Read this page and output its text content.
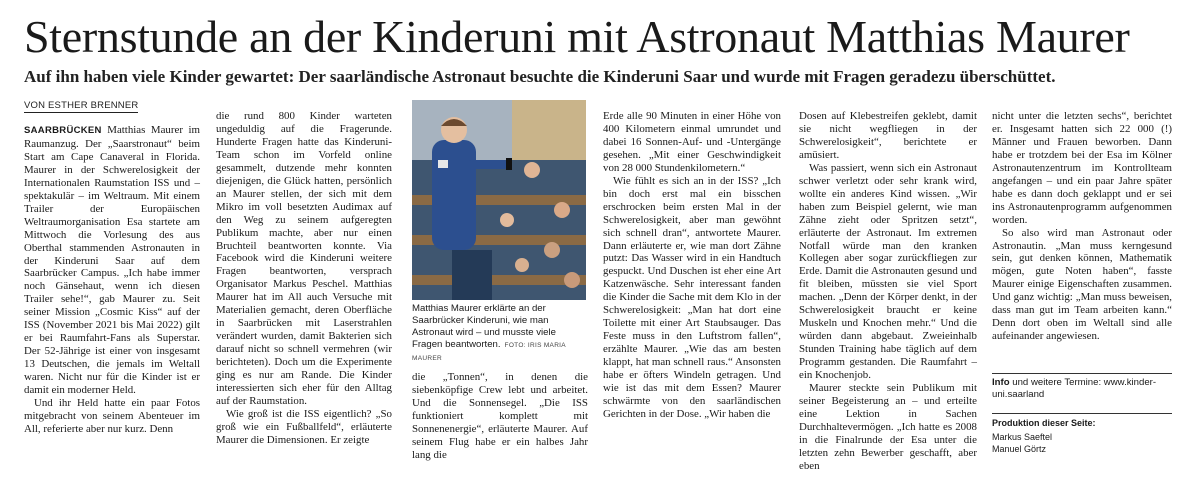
Sternstunde an der Kinderuni mit Astronaut Matthias Maurer
Auf ihn haben viele Kinder gewartet: Der saarländische Astronaut besuchte die Kinderuni Saar und wurde mit Fragen geradezu überschüttet.
VON ESTHER BRENNER

SAARBRÜCKEN Matthias Maurer im Raumanzug. Der „Saarstronaut“ beim Start am Cape Canaveral in Florida. Maurer in der Schwerelosigkeit der Internationalen Raumstation ISS und – spektakulär – im Weltraum. Mit einem Trailer der Europäischen Weltraumorganisation Esa startete am Mittwoch die Vorlesung des aus Oberthal stammenden Astronauten in der Kinderuni Saar auf dem Saarbrücker Campus. „Ich habe immer noch Gänsehaut, wenn ich diesen Trailer sehe!“, gab Maurer zu. Seit seiner Mission „Cosmic Kiss“ auf der ISS (November 2021 bis Mai 2022) gilt er bei Raumfahrt-Fans als Superstar. Der 52-Jährige ist einer von insgesamt 13 Deutschen, die jemals im Weltall waren. Nicht nur für die Kinder ist er damit ein moderner Held.

Und ihr Held hatte ein paar Fotos mitgebracht von seinem Abenteuer im All, referierte aber nur kurz. Denn

die rund 800 Kinder warteten ungeduldig auf die Fragerunde. Hunderte Fragen hatte das Kinderuni-Team schon im Vorfeld online gesammelt, dutzende mehr konnten diejenigen, die Glück hatten, persönlich an Maurer stellen, der sich mit dem Mikro im voll besetzten Audimax auf den Weg zu seinem aufgeregten Publikum machte, aber nur einen Bruchteil beantworten konnte. Via Facebook wird die Kinderuni weitere Fragen beantworten, versprach Organisator Markus Peschel. Matthias Maurer hat im All auch Versuche mit Materialien gemacht, deren Oberfläche in Saarbrücken mit Laserstrahlen verändert wurden, damit Bakterien sich darauf nicht so schnell vermehren (wir berichteten). Doch um die Experimente ging es nur am Rande. Die Kinder interessierten sich eher für den Alltag auf der Raumstation.

Wie groß ist die ISS eigentlich? „So groß wie ein Fußballfeld“, erläuterte Maurer die Dimensionen. Er zeigte

Matthias Maurer erklärte an der Saarbrücker Kinderuni, wie man Astronaut wird – und musste viele Fragen beantworten. FOTO: IRIS MARIA MAURER

die „Tonnen“, in denen die siebenköpfige Crew lebt und arbeitet. Und die Sonnensegel. „Die ISS funktioniert komplett mit Sonnenenergie“, erläuterte Maurer. Auf seinem Flug habe er ein halbes Jahr lang die

Erde alle 90 Minuten in einer Höhe von 400 Kilometern einmal umrundet und dabei 16 Sonnen-Auf- und -Untergänge gesehen. „Mit einer Geschwindigkeit von 28 000 Stundenkilometern.“

Wie fühlt es sich an in der ISS? „Ich bin doch erst mal ein bisschen erschrocken beim ersten Mal in der Schwerelosigkeit, aber man gewöhnt sich schnell dran“, antwortete Maurer. Dann erläuterte er, wie man dort Zähne putzt: Das Wasser wird in ein Handtuch gespuckt. Und Duschen ist eher eine Art Katzenwäsche. Sehr interessant fanden die Kinder die Sache mit dem Klo in der Schwerelosigkeit: „Man hat dort eine Toilette mit einer Art Staubsauger. Das Feste muss in den Luftstrom fallen“, erzählte Maurer. „Wie das am besten klappt, hat man schnell raus.“ Ansonsten habe er öfters Windeln getragen. Und wie ist das mit dem Essen? Maurer schwärmte von den saarländischen Gerichten in der Dose. „Wir haben die

Dosen auf Klebestreifen geklebt, damit sie nicht wegfliegen in der Schwerelosigkeit“, berichtete er amüsiert.

Was passiert, wenn sich ein Astronaut schwer verletzt oder sehr krank wird, wollte ein anderes Kind wissen. „Wir haben zum Beispiel gelernt, wie man Zähne zieht oder Spritzen setzt“, erläuterte der Astronaut. Im extremen Notfall würde man den kranken Kollegen aber sogar zurückfliegen zur Erde. Damit die Astronauten gesund und fit bleiben, müssten sie viel Sport machen. „Denn der Körper denkt, in der Schwerelosigkeit braucht er keine Muskeln und Knochen mehr.“ Und die würden dann abgebaut. Zweieinhalb Stunden Training habe täglich auf dem Programm gestanden. Die Raumfahrt – ein Knochenjob.

Maurer steckte sein Publikum mit seiner Begeisterung an – und erteilte eine Lektion in Sachen Durchhaltevermögen. „Ich hatte es 2008 in die Finalrunde der Esa unter die letzten zehn Bewerber geschafft, aber eben

nicht unter die letzten sechs“, berichtet er. Insgesamt hatten sich 22 000 (!) Männer und Frauen beworben. Dann habe er trotzdem bei der Esa im Kölner Astronautenzentrum im Kontrollteam angefangen – und ein paar Jahre später habe es dann doch geklappt und er sei ins Astronautenprogramm aufgenommen worden.

So also wird man Astronaut oder Astronautin. „Man muss kerngesund sein, gut denken können, Mathematik mögen, gute Noten haben“, fasste Maurer einige Eigenschaften zusammen. Und ganz wichtig: „Man muss beweisen, dass man gut im Team arbeiten kann.“ Denn dort oben im Weltall sind alle aufeinander angewiesen.

Info und weitere Termine: www.kinder-uni.saarland
Produktion dieser Seite:
Markus Saeftel
Manuel Görtz
